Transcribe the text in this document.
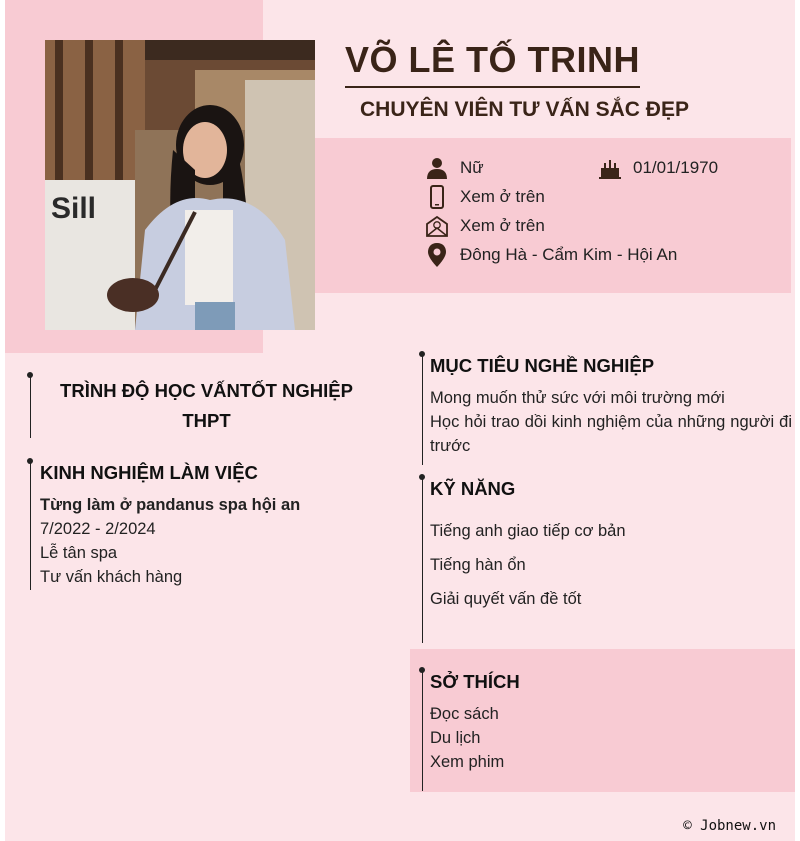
Sill
VÕ LÊ TỐ TRINH
CHUYÊN VIÊN TƯ VẤN SẮC ĐẸP
Nữ	01/01/1970
Xem ở trên
Xem ở trên
Đông Hà - Cẩm Kim - Hội An
TRÌNH ĐỘ HỌC VẤNTỐT NGHIỆP THPT
KINH NGHIỆM LÀM VIỆC
Từng làm ở pandanus spa hội an
7/2022 - 2/2024
Lễ tân spa
Tư vấn khách hàng
MỤC TIÊU NGHỀ NGHIỆP
Mong muốn thử sức với môi trường mới
Học hỏi trao dồi kinh nghiệm của những người đi trước
KỸ NĂNG
Tiếng anh giao tiếp cơ bản
Tiếng hàn ổn
Giải quyết vấn đề tốt
SỞ THÍCH
Đọc sách
Du lịch
Xem phim
© Jobnew.vn
